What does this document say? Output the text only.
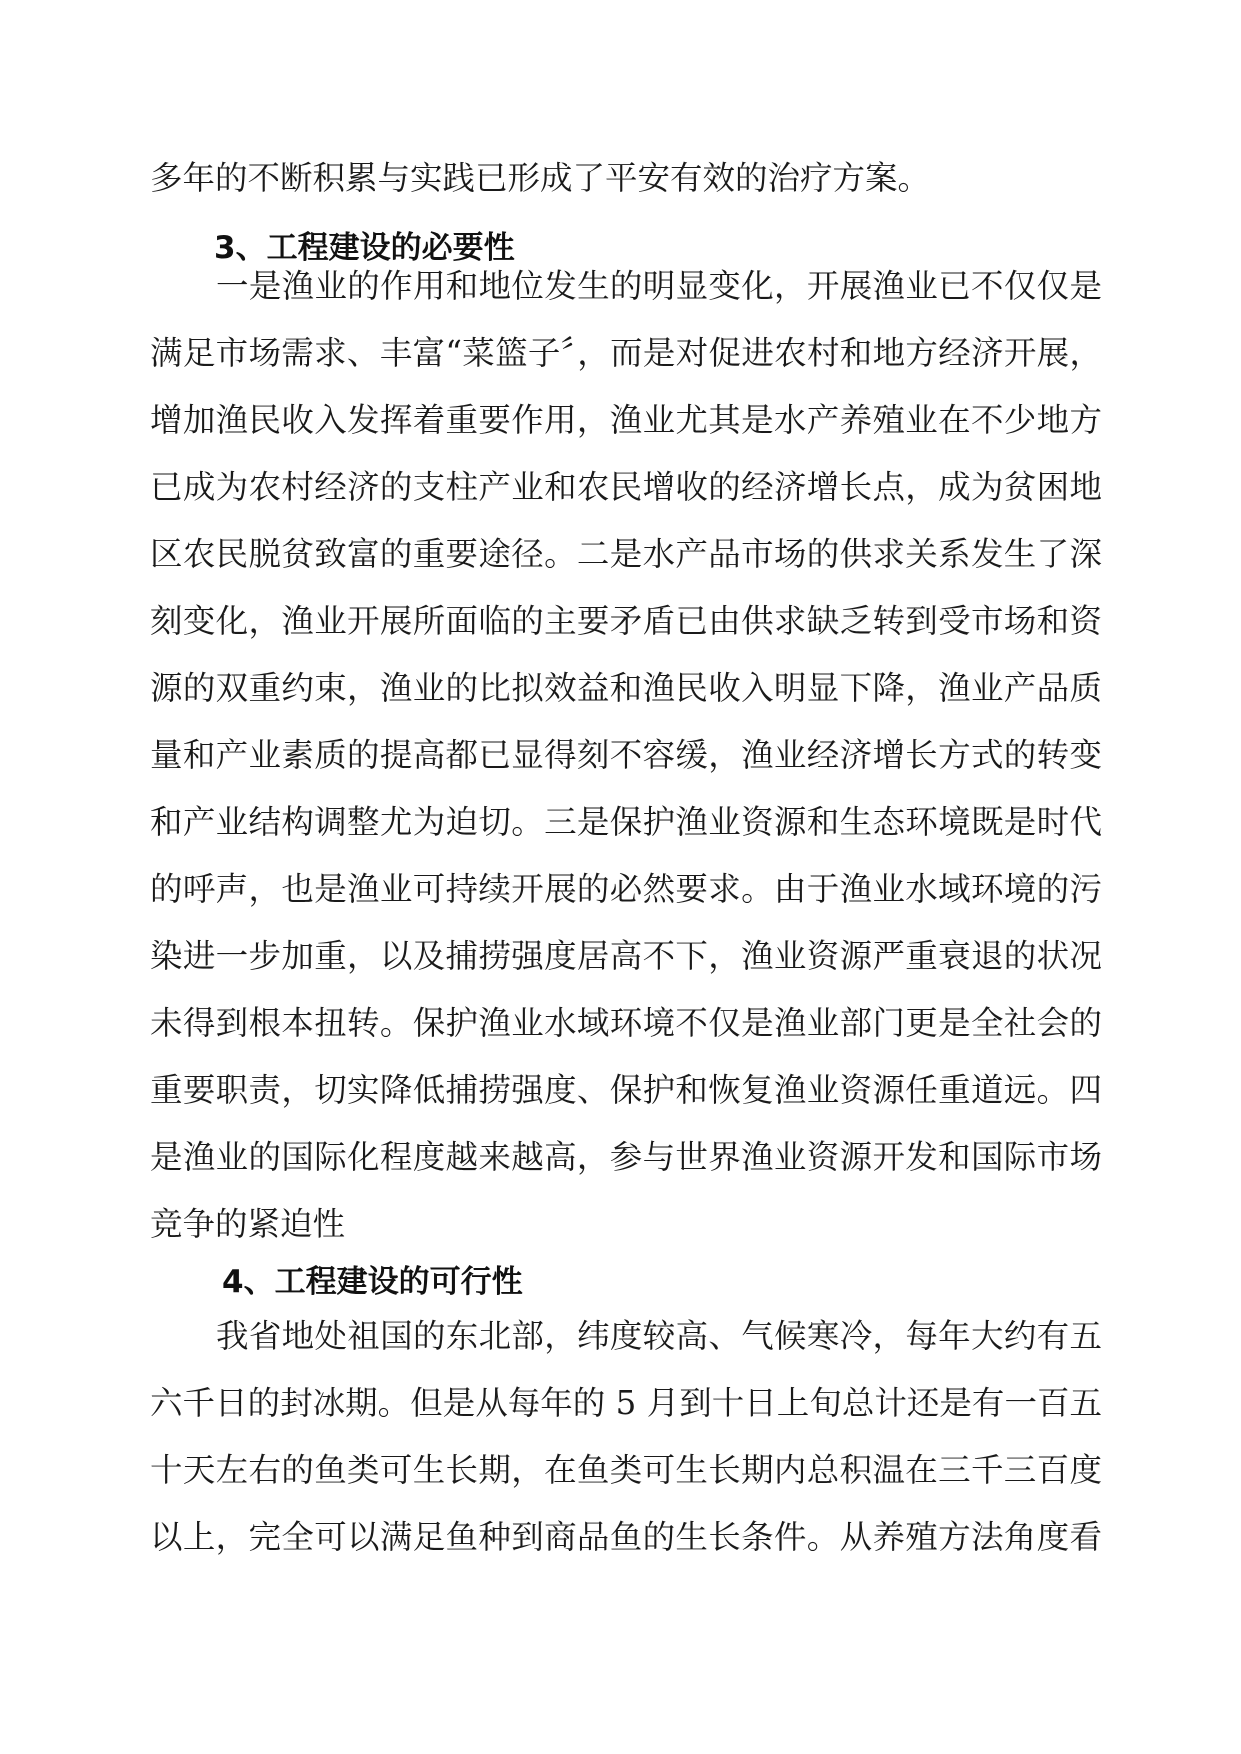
多年的不断积累与实践已形成了平安有效的治疗方案。
3、工程建设的必要性
一是渔业的作用和地位发生的明显变化，开展渔业已不仅仅是
满足市场需求、丰富“菜篮子〞，而是对促进农村和地方经济开展，
增加渔民收入发挥着重要作用，渔业尤其是水产养殖业在不少地方
已成为农村经济的支柱产业和农民增收的经济增长点，成为贫困地
区农民脱贫致富的重要途径。二是水产品市场的供求关系发生了深
刻变化，渔业开展所面临的主要矛盾已由供求缺乏转到受市场和资
源的双重约束，渔业的比拟效益和渔民收入明显下降，渔业产品质
量和产业素质的提高都已显得刻不容缓，渔业经济增长方式的转变
和产业结构调整尤为迫切。三是保护渔业资源和生态环境既是时代
的呼声，也是渔业可持续开展的必然要求。由于渔业水域环境的污
染进一步加重，以及捕捞强度居高不下，渔业资源严重衰退的状况
未得到根本扭转。保护渔业水域环境不仅是渔业部门更是全社会的
重要职责，切实降低捕捞强度、保护和恢复渔业资源任重道远。四
是渔业的国际化程度越来越高，参与世界渔业资源开发和国际市场
竞争的紧迫性
4、工程建设的可行性
我省地处祖国的东北部，纬度较高、气候寒冷，每年大约有五
六千日的封冰期。但是从每年的 5 月到十日上旬总计还是有一百五
十天左右的鱼类可生长期，在鱼类可生长期内总积温在三千三百度
以上，完全可以满足鱼种到商品鱼的生长条件。从养殖方法角度看
